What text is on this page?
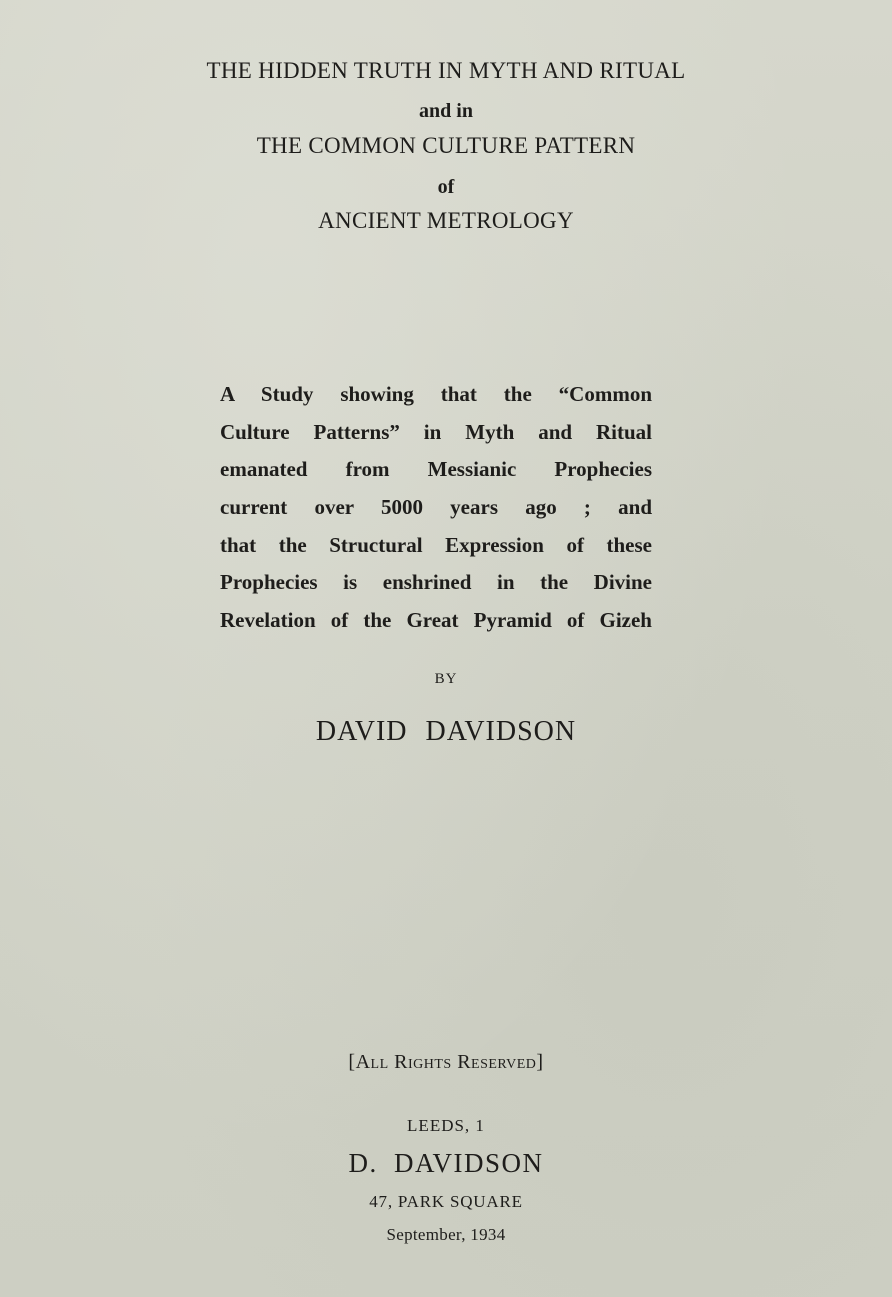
THE HIDDEN TRUTH IN MYTH AND RITUAL
and in
THE COMMON CULTURE PATTERN
of
ANCIENT METROLOGY

A Study showing that the “Common

Culture Patterns” in Myth and Ritual

emanated from Messianic Prophecies

current over 5000 years ago ; and

that the Structural Expression of these

Prophecies is enshrined in the Divine

Revelation of the Great Pyramid of Gizeh

BY
DAVID DAVIDSON
[All Rights Reserved]
LEEDS, 1
D. DAVIDSON
47, PARK SQUARE
September, 1934
